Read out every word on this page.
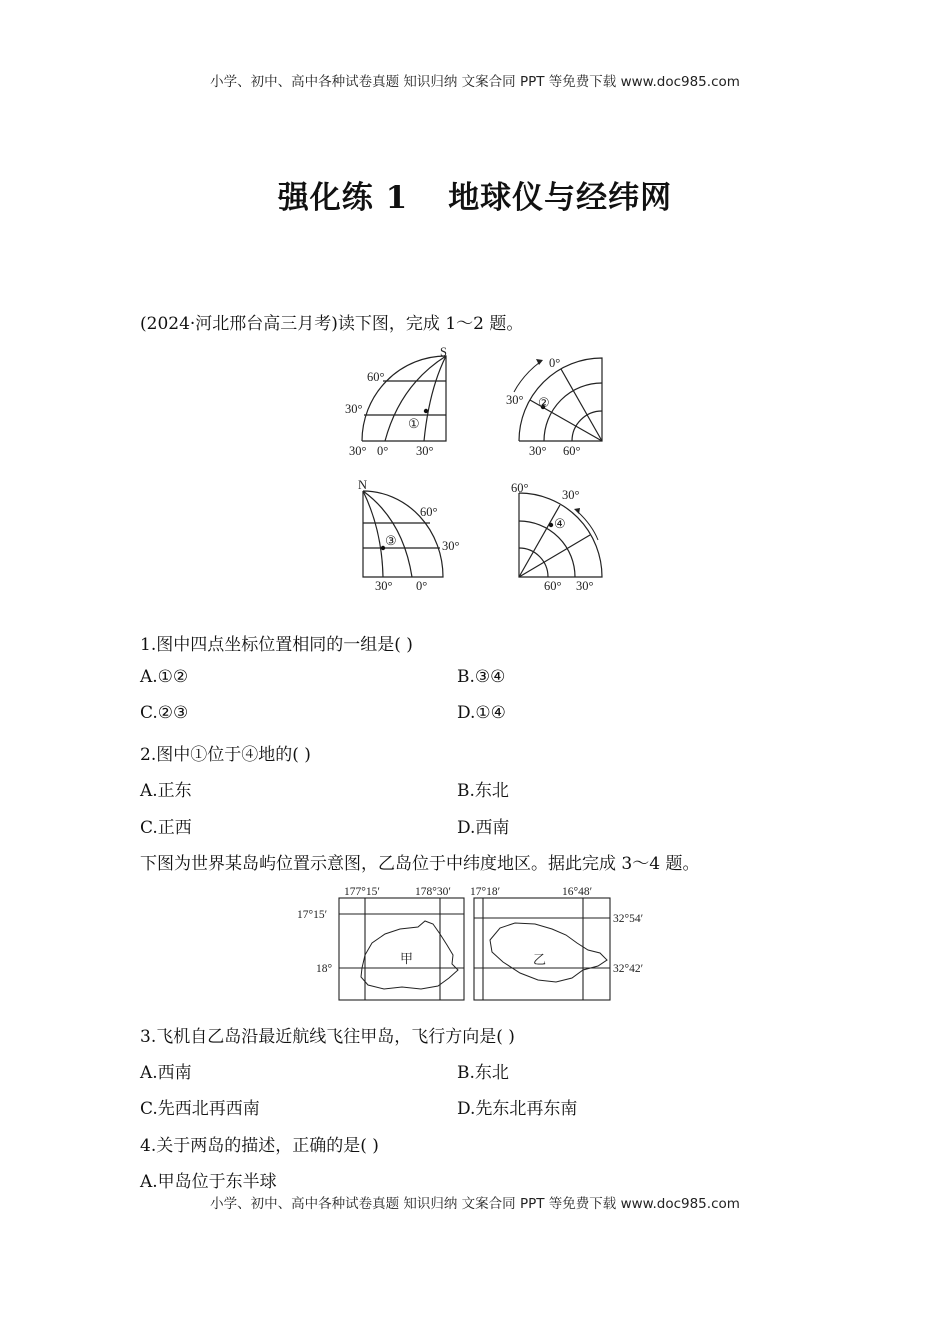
小学、初中、高中各种试卷真题 知识归纳 文案合同 PPT 等免费下载 www.doc985.com
强化练 1 地球仪与经纬网
(2024·河北邢台高三月考)读下图，完成 1～2 题。
S
60°
30°
30° 0° 30°
①
0°
30°
30° 60°
②
N
60°
30°
30° 0°
③
60°	30°
60° 30°
④
1.图中四点坐标位置相同的一组是( )
A.①②	B.③④
C.②③	D.①④
2.图中①位于④地的( )
A.正东	B.东北
C.正西	D.西南
下图为世界某岛屿位置示意图，乙岛位于中纬度地区。据此完成 3～4 题。
177°15′	178°30′
17°15′
18°
甲
17°18′	16°48′
32°54′
32°42′
乙
3.飞机自乙岛沿最近航线飞往甲岛，飞行方向是( )
A.西南	B.东北
C.先西北再西南	D.先东北再东南
4.关于两岛的描述，正确的是( )
A.甲岛位于东半球
小学、初中、高中各种试卷真题 知识归纳 文案合同 PPT 等免费下载 www.doc985.com
